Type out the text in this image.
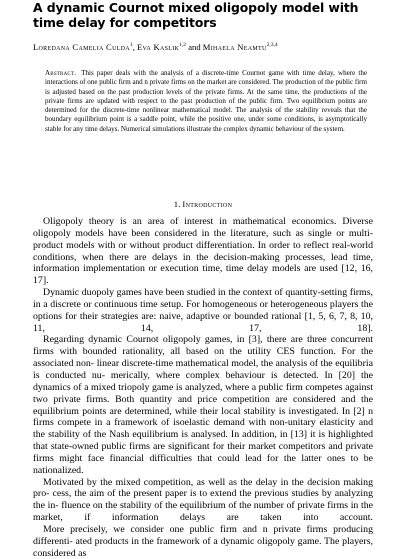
A dynamic Cournot mixed oligopoly model with time delay for competitors
Loredana Camelia Culda$^1$, Eva Kaslik$^{1,2}$ and Mihaela Neamtu$^{2,3,4}$
Abstract. This paper deals with the analysis of a discrete-time Cournot game with time delay, where the interactions of one public firm and n private firms on the market are considered. The production of the public firm is adjusted based on the past production levels of the private firms. At the same time, the productions of the private firms are updated with respect to the past production of the public firm. Two equilibrium points are determined for the discrete-time nonlinear mathematical model. The analysis of the stability reveals that the boundary equilibrium point is a saddle point, while the positive one, under some conditions, is asymptotically stable for any time delays. Numerical simulations illustrate the complex dynamic behaviour of the system.
1. Introduction

Oligopoly theory is an area of interest in mathematical economics. Diverse oligopoly models have been considered in the literature, such as single or multi-product models with or without product differentiation. In order to reflect real-world conditions, when there are delays in the decision-making processes, lead time, information implementation or execution time, time delay models are used [12, 16, 17].

Dynamic duopoly games have been studied in the context of quantity-setting firms, in a discrete or continuous time setup. For homogeneous or heterogeneous players the options for their strategies are: naive, adaptive or bounded rational [1, 5, 6, 7, 8, 10, 11, 14, 17, 18].

Regarding dynamic Cournot oligopoly games, in [3], there are three concurrent firms with bounded rationality, all based on the utility CES function. For the associated non- linear discrete-time mathematical model, the analysis of the equilibria is conducted nu- merically, where complex behaviour is detected. In [20] the dynamics of a mixed triopoly game is analyzed, where a public firm competes against two private firms. Both quantity and price competition are considered and the equilibrium points are determined, while their local stability is investigated. In [2] n firms compete in a framework of isoelastic demand with non-unitary elasticity and the stability of the Nash equilibrium is analysed. In addition, in [13] it is highlighted that state-owned public firms are significant for their market competitors and private firms might face financial difficulties that could lead for the latter ones to be nationalized.

Motivated by the mixed competition, as well as the delay in the decision making pro- cess, the aim of the present paper is to extend the previous studies by analyzing the in- fluence on the stability of the equilibrium of the number of private firms in the market, if information delays are taken into account.

More precisely, we consider one public firm and n private firms producing differenti- ated products in the framework of a dynamic oligopoly game. The players, considered as
